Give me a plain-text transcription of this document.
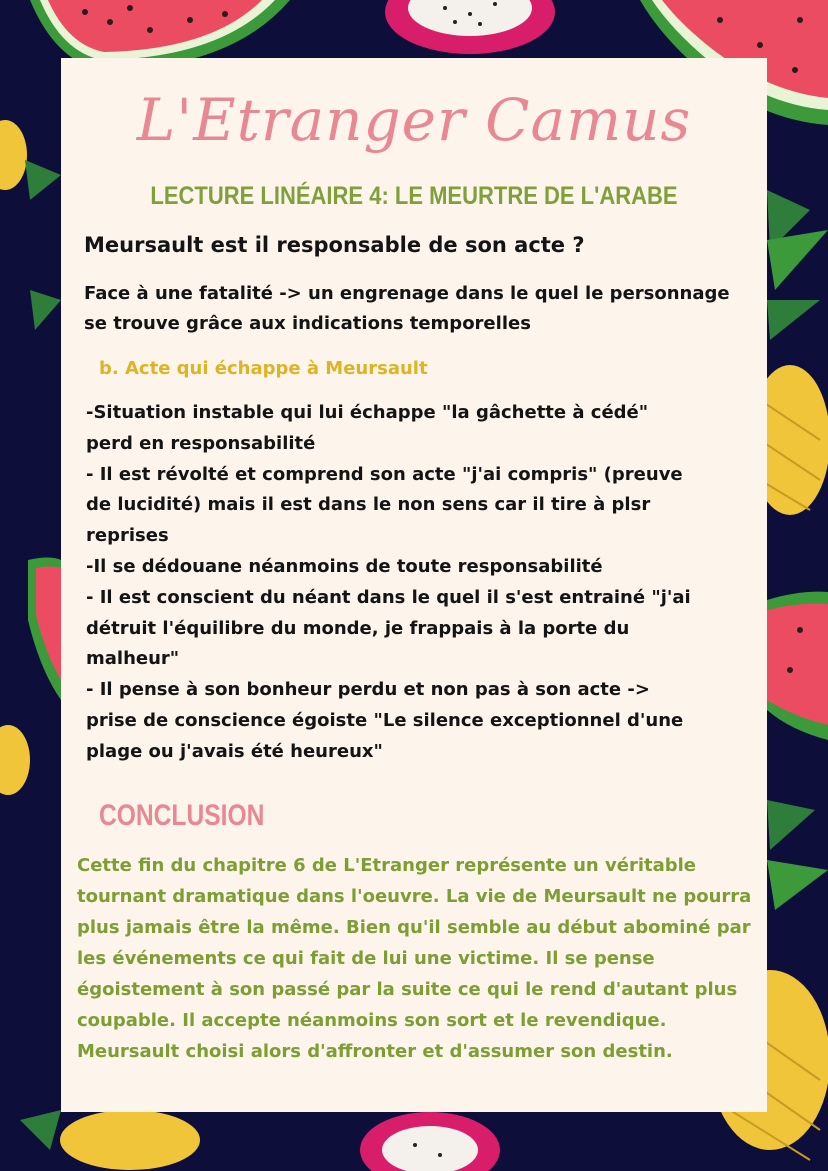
L'Etranger Camus
LECTURE LINÉAIRE 4: LE MEURTRE DE L'ARABE
Meursault est il responsable de son acte ?
Face à une fatalité -> un engrenage dans le quel le personnage se trouve grâce aux indications temporelles
b. Acte qui échappe à Meursault
-Situation instable qui lui échappe "la gâchette à cédé"
perd en responsabilité
- Il est révolté et comprend son acte "j'ai compris" (preuve
de lucidité) mais il est dans le non sens car il tire à plsr
reprises
-Il se dédouane néanmoins de toute responsabilité
- Il est conscient du néant dans le quel il s'est entrainé "j'ai
détruit l'équilibre du monde, je frappais à la porte du
malheur"
- Il pense à son bonheur perdu et non pas à son acte ->
prise de conscience égoiste "Le silence exceptionnel d'une
plage ou j'avais été heureux"
CONCLUSION
Cette fin du chapitre 6 de L'Etranger représente un véritable tournant dramatique dans l'oeuvre. La vie de Meursault ne pourra plus jamais être la même. Bien qu'il semble au début abominé par les événements ce qui fait de lui une victime. Il se pense égoistement à son passé par la suite ce qui le rend d'autant plus coupable. Il accepte néanmoins son sort et le revendique. Meursault choisi alors d'affronter et d'assumer son destin.
